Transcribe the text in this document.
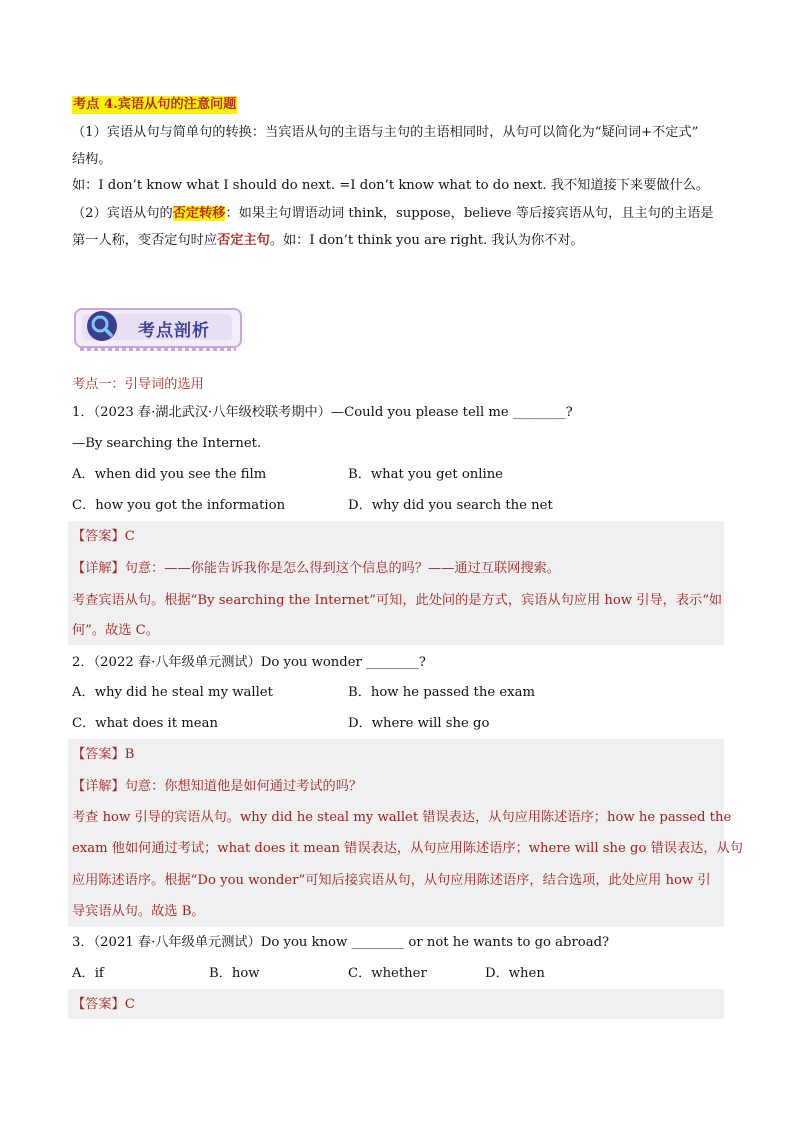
考点 4.宾语从句的注意问题
（1）宾语从句与简单句的转换：当宾语从句的主语与主句的主语相同时，从句可以简化为“疑问词+不定式”
结构。
如：I don’t know what I should do next. =I don’t know what to do next. 我不知道接下来要做什么。
（2）宾语从句的否定转移：如果主句谓语动词 think，suppose，believe 等后接宾语从句，且主句的主语是
第一人称，变否定句时应否定主句。如：I don’t think you are right. 我认为你不对。
考点剖析
考点一：引导词的选用
1．（2023 春·湖北武汉·八年级校联考期中）—Could you please tell me ________?
—By searching the Internet.
A．when did you see the film	B．what you get online
C．how you got the information	D．why did you search the net
【答案】C
【详解】句意：——你能告诉我你是怎么得到这个信息的吗？——通过互联网搜索。
考查宾语从句。根据“By searching the Internet”可知，此处问的是方式，宾语从句应用 how 引导，表示“如
何”。故选 C。
2．（2022 春·八年级单元测试）Do you wonder ________?
A．why did he steal my wallet	B．how he passed the exam
C．what does it mean	D．where will she go
【答案】B
【详解】句意：你想知道他是如何通过考试的吗？
考查 how 引导的宾语从句。why did he steal my wallet 错误表达，从句应用陈述语序；how he passed the
exam 他如何通过考试；what does it mean 错误表达，从句应用陈述语序；where will she go 错误表达，从句
应用陈述语序。根据“Do you wonder”可知后接宾语从句，从句应用陈述语序，结合选项，此处应用 how 引
导宾语从句。故选 B。
3．（2021 春·八年级单元测试）Do you know ________ or not he wants to go abroad?
A．if	B．how	C．whether	D．when
【答案】C
